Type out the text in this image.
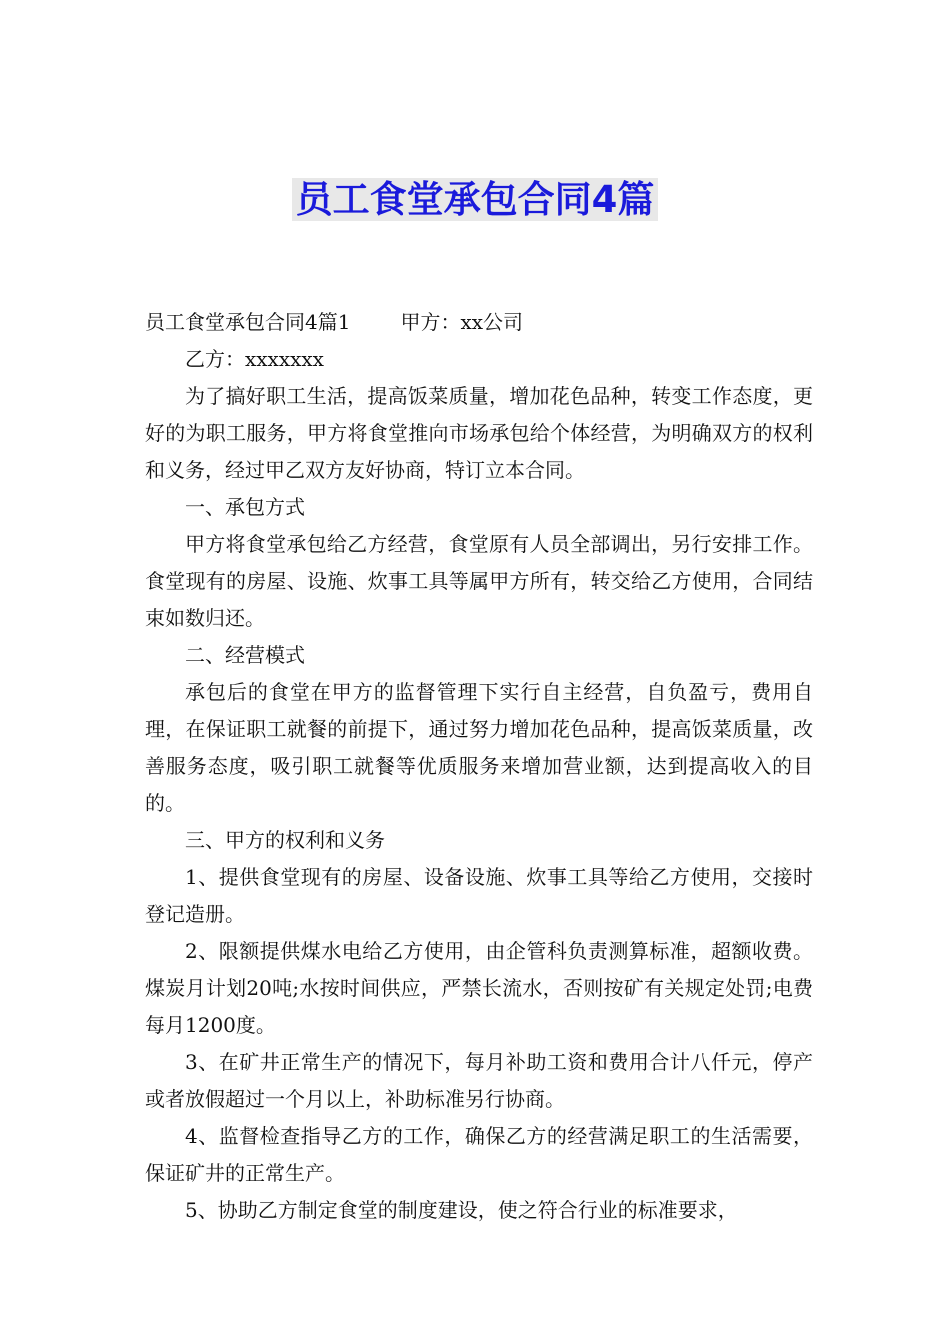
员工食堂承包合同4篇

员工食堂承包合同4篇1	甲方：xx公司

乙方：xxxxxxx

为了搞好职工生活，提高饭菜质量，增加花色品种，转变工作态度，更好的为职工服务，甲方将食堂推向市场承包给个体经营，为明确双方的权利和义务，经过甲乙双方友好协商，特订立本合同。

一、承包方式

甲方将食堂承包给乙方经营，食堂原有人员全部调出，另行安排工作。食堂现有的房屋、设施、炊事工具等属甲方所有，转交给乙方使用，合同结束如数归还。

二、经营模式

承包后的食堂在甲方的监督管理下实行自主经营，自负盈亏，费用自理，在保证职工就餐的前提下，通过努力增加花色品种，提高饭菜质量，改善服务态度，吸引职工就餐等优质服务来增加营业额，达到提高收入的目的。

三、甲方的权利和义务

1、提供食堂现有的房屋、设备设施、炊事工具等给乙方使用，交接时登记造册。

2、限额提供煤水电给乙方使用，由企管科负责测算标准，超额收费。煤炭月计划20吨;水按时间供应，严禁长流水，否则按矿有关规定处罚;电费每月1200度。

3、在矿井正常生产的情况下，每月补助工资和费用合计八仟元，停产或者放假超过一个月以上，补助标准另行协商。

4、监督检查指导乙方的工作，确保乙方的经营满足职工的生活需要，保证矿井的正常生产。

5、协助乙方制定食堂的制度建设，使之符合行业的标准要求，
